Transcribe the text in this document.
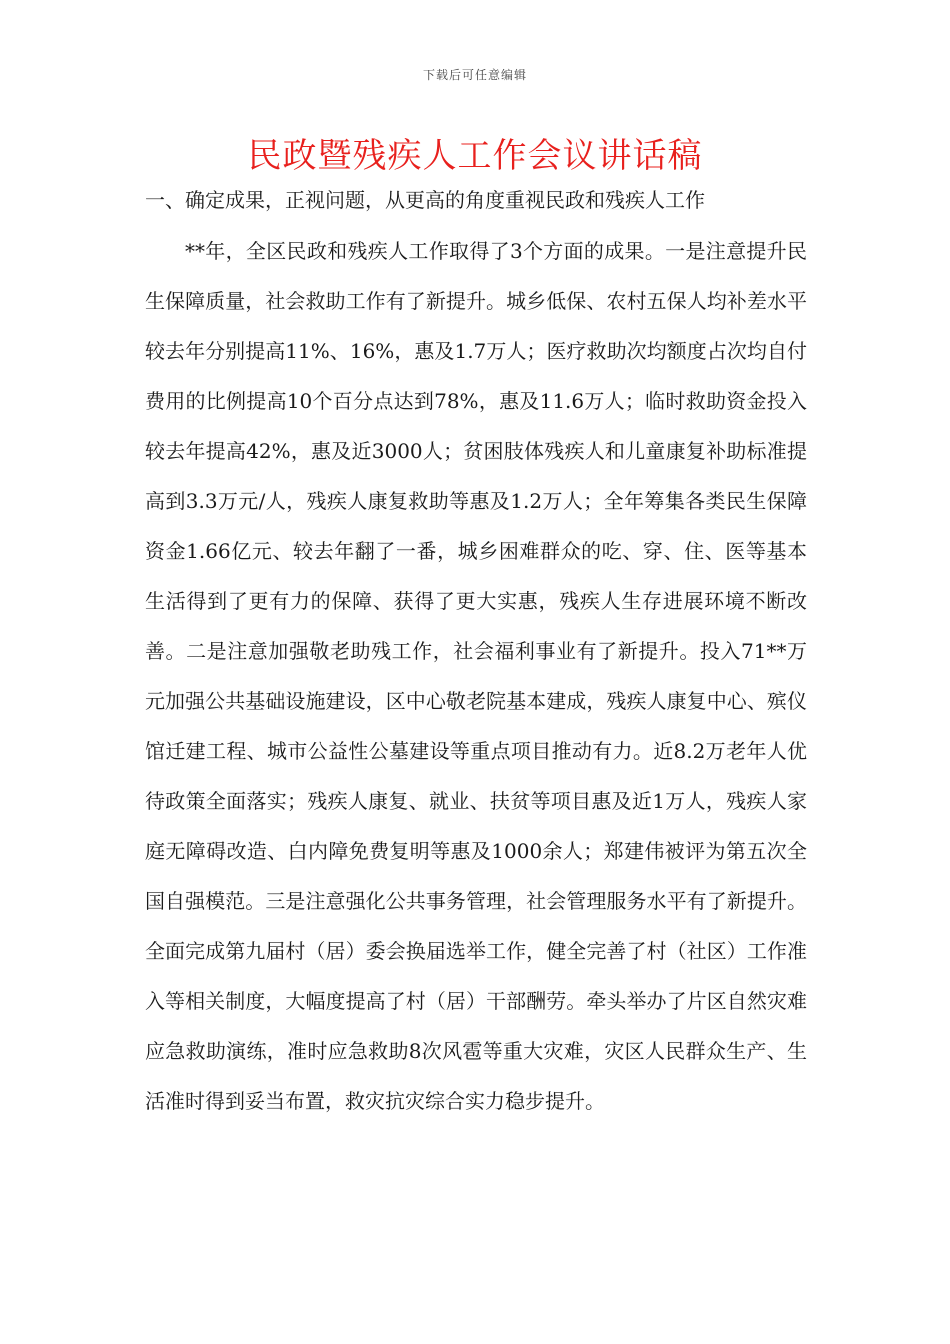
下载后可任意编辑
民政暨残疾人工作会议讲话稿
一、确定成果，正视问题，从更高的角度重视民政和残疾人工作

**年，全区民政和残疾人工作取得了3个方面的成果。一是注意提升民生保障质量，社会救助工作有了新提升。城乡低保、农村五保人均补差水平较去年分别提高11%、16%，惠及1.7万人；医疗救助次均额度占次均自付费用的比例提高10个百分点达到78%，惠及11.6万人；临时救助资金投入较去年提高42%，惠及近3000人；贫困肢体残疾人和儿童康复补助标准提高到3.3万元/人，残疾人康复救助等惠及1.2万人；全年筹集各类民生保障资金1.66亿元、较去年翻了一番，城乡困难群众的吃、穿、住、医等基本生活得到了更有力的保障、获得了更大实惠，残疾人生存进展环境不断改善。二是注意加强敬老助残工作，社会福利事业有了新提升。投入71**万元加强公共基础设施建设，区中心敬老院基本建成，残疾人康复中心、殡仪馆迁建工程、城市公益性公墓建设等重点项目推动有力。近8.2万老年人优待政策全面落实；残疾人康复、就业、扶贫等项目惠及近1万人，残疾人家庭无障碍改造、白内障免费复明等惠及1000余人；郑建伟被评为第五次全国自强模范。三是注意强化公共事务管理，社会管理服务水平有了新提升。全面完成第九届村（居）委会换届选举工作，健全完善了村（社区）工作准入等相关制度，大幅度提高了村（居）干部酬劳。牵头举办了片区自然灾难应急救助演练，准时应急救助8次风雹等重大灾难，灾区人民群众生产、生活准时得到妥当布置，救灾抗灾综合实力稳步提升。
